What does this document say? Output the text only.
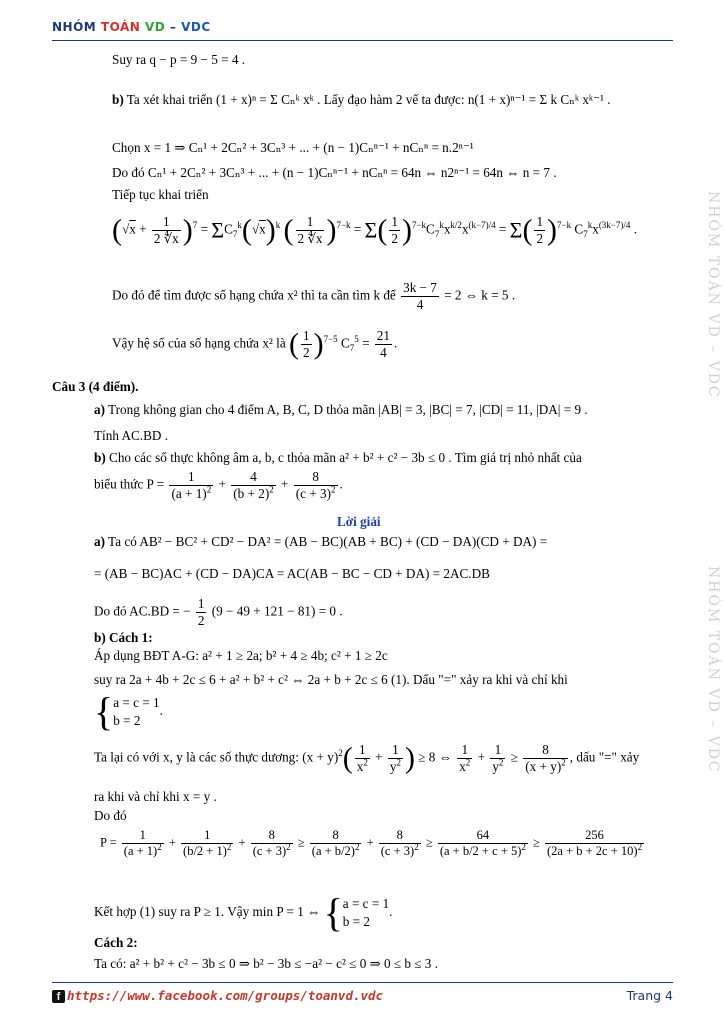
NHÓM TOÁN VD – VDC
NHÓM TOÁN VD – VDC
NHÓM TOÁN VD – VDC
Suy ra q − p = 9 − 5 = 4 .
b) Ta xét khai triển (1 + x)ⁿ = Σ Cₙᵏ xᵏ . Lấy đạo hàm 2 vế ta được: n(1 + x)ⁿ⁻¹ = Σ k Cₙᵏ xᵏ⁻¹ .
Chọn x = 1 ⇒ Cₙ¹ + 2Cₙ² + 3Cₙ³ + ... + (n − 1)Cₙⁿ⁻¹ + nCₙⁿ = n.2ⁿ⁻¹
Do đó Cₙ¹ + 2Cₙ² + 3Cₙ³ + ... + (n − 1)Cₙⁿ⁻¹ + nCₙⁿ = 64n ⇔ n2ⁿ⁻¹ = 64n ⇔ n = 7 .
Tiếp tục khai triển
$(√x + \frac{1}{2 ∜\overline{x}} )^7 = \Sigma C_7^k(√x)^k$ ( $\frac{1}{2 ∜\overline{x}} )^{7-k} = \Sigma( \frac{1}{2} )^{7-k}C_7^kx^{k/2}x^{(k-7)/4} = \Sigma( \frac{1}{2} )^{7-k}$ $C_7^kx^{(3k-7)/4}$ .
Do đó để tìm được số hạng chứa x² thì ta cần tìm k để $\frac{3k - 7}{4} = 2$ ⇔ k = 5 .
Vậy hệ số của số hạng chứa x² là ( $\frac{1}{2} )^{7-5}$ $C_7^5 = \frac{21}{4}$ .
Câu 3 (4 điểm).
a) Trong không gian cho 4 điểm A, B, C, D thỏa mãn |AB| = 3, |BC| = 7, |CD| = 11, |DA| = 9 .
Tính AC.BD .
b) Cho các số thực không âm a, b, c thỏa mãn a² + b² + c² − 3b ≤ 0 . Tìm giá trị nhỏ nhất của
biểu thức $P = \frac{1}{(a + 1)^2} + \frac{4}{(b + 2)^2} + \frac{8}{(c + 3)^2}$ .
Lời giải
a) Ta có AB² − BC² + CD² − DA² = (AB − BC)(AB + BC) + (CD − DA)(CD + DA) =
= (AB − BC)AC + (CD − DA)CA = AC(AB − BC − CD + DA) = 2AC.DB
Do đó AC.BD = − $\frac{1}{2} (9 - 49 + 121 - 81) = 0$ .
b) Cách 1:
Áp dụng BĐT A-G: a² + 1 ≥ 2a; b² + 4 ≥ 4b; c² + 1 ≥ 2c
suy ra 2a + 4b + 2c ≤ 6 + a² + b² + c² ⇔ 2a + b + 2c ≤ 6 (1). Dấu "=" xảy ra khi và chỉ khi
{a = c = 1
b = 2.
Ta lại có với x, y là các số thực dương: $(x + y)^2( \frac{1}{x^2} + \frac{1}{y^2}$ ) ≥ 8 ⇔ $\frac{1}{x^2} + \frac{1}{y^2} \ge \frac{8}{(x + y)^2}$ , dấu "=" xảy
ra khi và chỉ khi x = y .
Do đó
$P = \frac{1}{(a + 1)^2} + \frac{1}{(b/2 + 1)^2} + \frac{8}{(c + 3)^2} \ge \frac{8}{(a + b/2)^2} + \frac{8}{(c + 3)^2} \ge \frac{64}{(a + b/2 + c + 5)^2} \ge \frac{256}{(2a + b + 2c + 10)^2}$
Kết hợp (1) suy ra P ≥ 1. Vậy min P = 1 ⇔ {a = c = 1
b = 2.
Cách 2:
Ta có: a² + b² + c² − 3b ≤ 0 ⇒ b² − 3b ≤ −a² − c² ≤ 0 ⇒ 0 ≤ b ≤ 3 .
f https://www.facebook.com/groups/toanvd.vdc	Trang 4
